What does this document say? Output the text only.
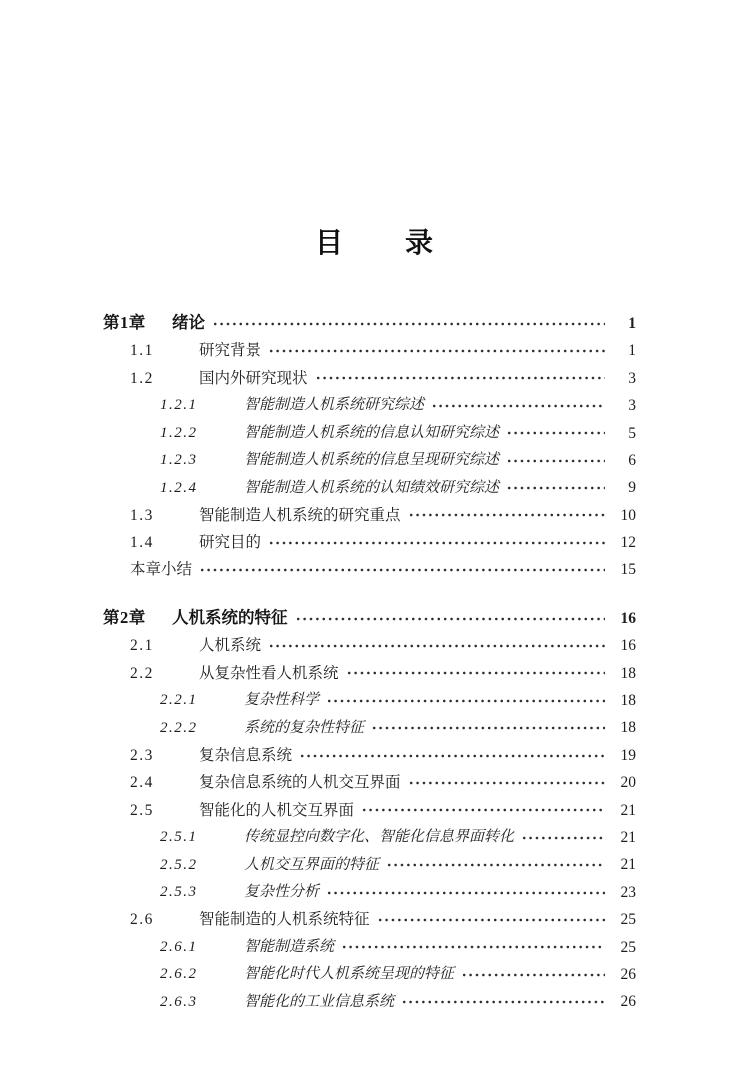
目　　录
第1章	绪论	1
1.1	研究背景	1
1.2	国内外研究现状	3
1.2.1	智能制造人机系统研究综述	3
1.2.2	智能制造人机系统的信息认知研究综述	5
1.2.3	智能制造人机系统的信息呈现研究综述	6
1.2.4	智能制造人机系统的认知绩效研究综述	9
1.3	智能制造人机系统的研究重点	10
1.4	研究目的	12
本章小结	15
第2章	人机系统的特征	16
2.1	人机系统	16
2.2	从复杂性看人机系统	18
2.2.1	复杂性科学	18
2.2.2	系统的复杂性特征	18
2.3	复杂信息系统	19
2.4	复杂信息系统的人机交互界面	20
2.5	智能化的人机交互界面	21
2.5.1	传统显控向数字化、智能化信息界面转化	21
2.5.2	人机交互界面的特征	21
2.5.3	复杂性分析	23
2.6	智能制造的人机系统特征	25
2.6.1	智能制造系统	25
2.6.2	智能化时代人机系统呈现的特征	26
2.6.3	智能化的工业信息系统	26
